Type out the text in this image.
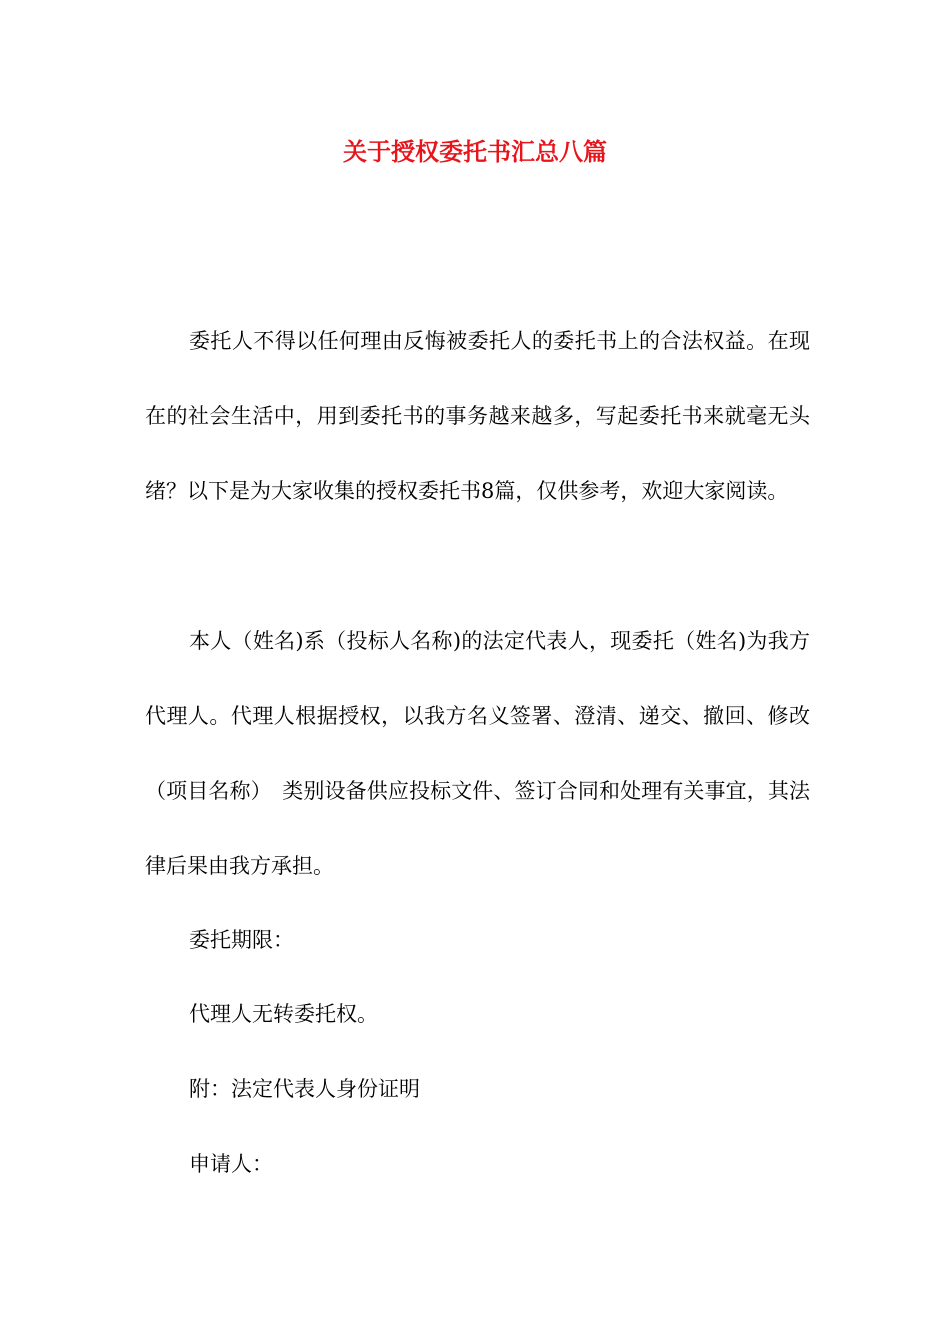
关于授权委托书汇总八篇

委托人不得以任何理由反悔被委托人的委托书上的合法权益。在现在的社会生活中，用到委托书的事务越来越多，写起委托书来就毫无头绪？以下是为大家收集的授权委托书8篇，仅供参考，欢迎大家阅读。

本人（姓名)系（投标人名称)的法定代表人，现委托（姓名)为我方代理人。代理人根据授权，以我方名义签署、澄清、递交、撤回、修改（项目名称）　类别设备供应投标文件、签订合同和处理有关事宜，其法律后果由我方承担。

委托期限：
代理人无转委托权。
附：法定代表人身份证明
申请人：
